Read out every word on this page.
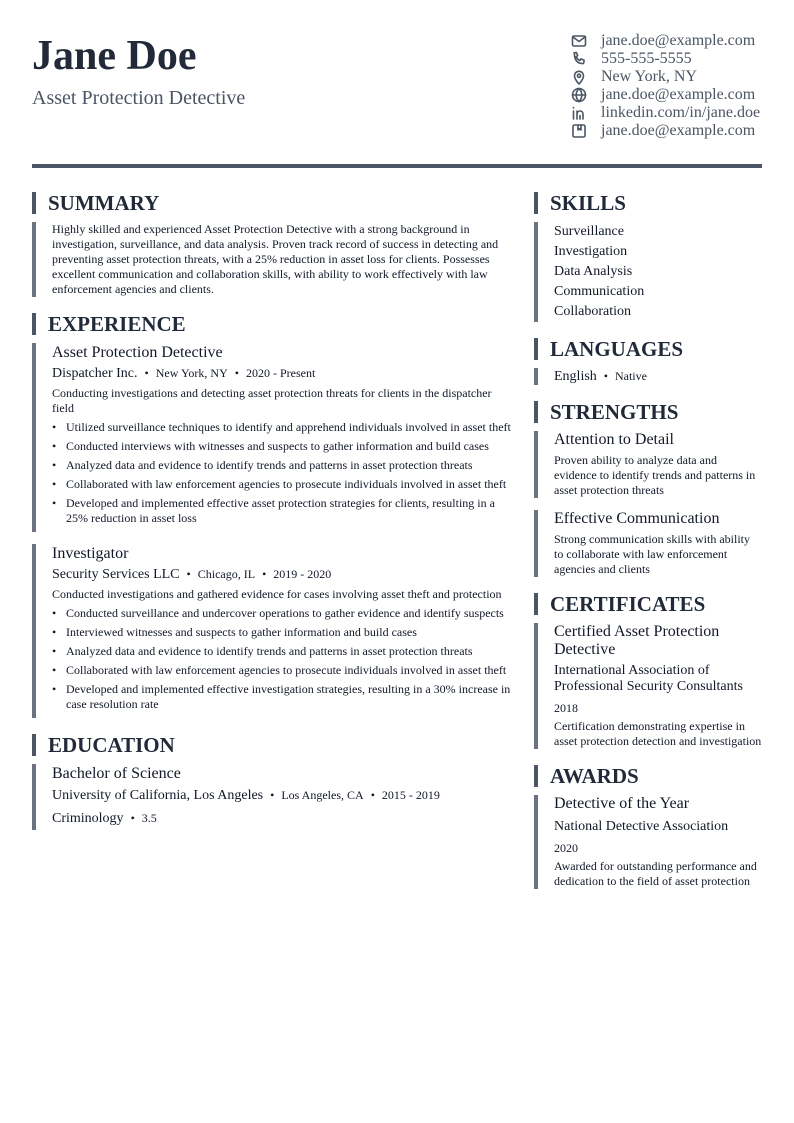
Jane Doe
Asset Protection Detective
jane.doe@example.com
555-555-5555
New York, NY
jane.doe@example.com
linkedin.com/in/jane.doe
jane.doe@example.com
SUMMARY
Highly skilled and experienced Asset Protection Detective with a strong background in investigation, surveillance, and data analysis. Proven track record of success in detecting and preventing asset protection threats, with a 25% reduction in asset loss for clients. Possesses excellent communication and collaboration skills, with ability to work effectively with law enforcement agencies and clients.
EXPERIENCE
Asset Protection Detective
Dispatcher Inc. • New York, NY • 2020 - Present
Conducting investigations and detecting asset protection threats for clients in the dispatcher field
• Utilized surveillance techniques to identify and apprehend individuals involved in asset theft
• Conducted interviews with witnesses and suspects to gather information and build cases
• Analyzed data and evidence to identify trends and patterns in asset protection threats
• Collaborated with law enforcement agencies to prosecute individuals involved in asset theft
• Developed and implemented effective asset protection strategies for clients, resulting in a 25% reduction in asset loss
Investigator
Security Services LLC • Chicago, IL • 2019 - 2020
Conducted investigations and gathered evidence for cases involving asset theft and protection
• Conducted surveillance and undercover operations to gather evidence and identify suspects
• Interviewed witnesses and suspects to gather information and build cases
• Analyzed data and evidence to identify trends and patterns in asset protection threats
• Collaborated with law enforcement agencies to prosecute individuals involved in asset theft
• Developed and implemented effective investigation strategies, resulting in a 30% increase in case resolution rate
EDUCATION
Bachelor of Science
University of California, Los Angeles • Los Angeles, CA • 2015 - 2019
Criminology • 3.5
SKILLS
Surveillance
Investigation
Data Analysis
Communication
Collaboration
LANGUAGES
English • Native
STRENGTHS
Attention to Detail
Proven ability to analyze data and evidence to identify trends and patterns in asset protection threats
Effective Communication
Strong communication skills with ability to collaborate with law enforcement agencies and clients
CERTIFICATES
Certified Asset Protection Detective
International Association of Professional Security Consultants
2018
Certification demonstrating expertise in asset protection detection and investigation
AWARDS
Detective of the Year
National Detective Association
2020
Awarded for outstanding performance and dedication to the field of asset protection
